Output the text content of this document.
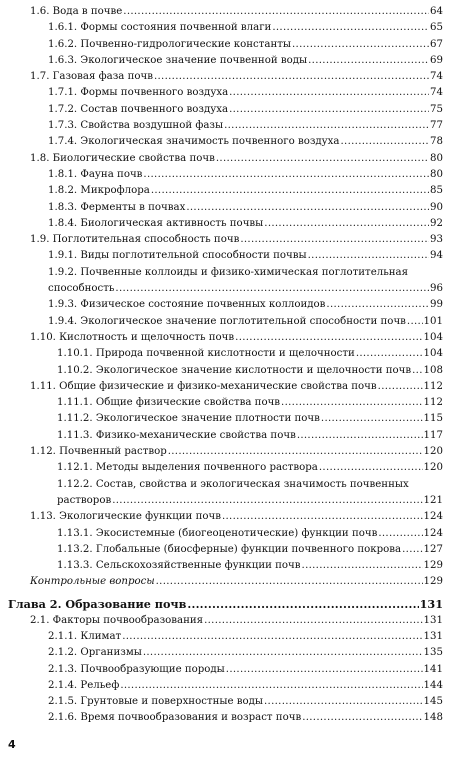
1.6. Вода в почве .....	64
1.6.1. Формы состояния почвенной влаги .....	65
1.6.2. Почвенно-гидрологические константы .....	67
1.6.3. Экологическое значение почвенной воды .....	69
1.7. Газовая фаза почв .....	74
1.7.1. Формы почвенного воздуха .....	74
1.7.2. Состав почвенного воздуха .....	75
1.7.3. Свойства воздушной фазы .....	77
1.7.4. Экологическая значимость почвенного воздуха .....	78
1.8. Биологические свойства почв .....	80
1.8.1. Фауна почв .....	80
1.8.2. Микрофлора .....	85
1.8.3. Ферменты в почвах .....	90
1.8.4. Биологическая активность почвы .....	92
1.9. Поглотительная способность почв .....	93
1.9.1. Виды поглотительной способности почвы .....	94
1.9.2. Почвенные коллоиды и физико-химическая поглотительная
способность .....	96
1.9.3. Физическое состояние почвенных коллоидов .....	99
1.9.4. Экологическое значение поглотительной способности почв ..... 101
1.10. Кислотность и щелочность почв .....	104
1.10.1. Природа почвенной кислотности и щелочности .....	104
1.10.2. Экологическое значение кислотности и щелочности почв ..... 108
1.11. Общие физические и физико-механические свойства почв .....	112
1.11.1. Общие физические свойства почв .....	112
1.11.2. Экологическое значение плотности почв .....	115
1.11.3. Физико-механические свойства почв .....	117
1.12. Почвенный раствор .....	120
1.12.1. Методы выделения почвенного раствора .....	120
1.12.2. Состав, свойства и экологическая значимость почвенных
растворов .....	121
1.13. Экологические функции почв .....	124
1.13.1. Экосистемные (биогеоценотические) функции почв .....	124
1.13.2. Глобальные (биосферные) функции почвенного покрова ..... 127
1.13.3. Сельскохозяйственные функции почв .....	129
Контрольные вопросы .....	129
Глава 2. Образование почв .....	131
2.1. Факторы почвообразования .....	131
2.1.1. Климат .....	131
2.1.2. Организмы .....	135
2.1.3. Почвообразующие породы .....	141
2.1.4. Рельеф .....	144
2.1.5. Грунтовые и поверхностные воды .....	145
2.1.6. Время почвообразования и возраст почв .....	148
4
